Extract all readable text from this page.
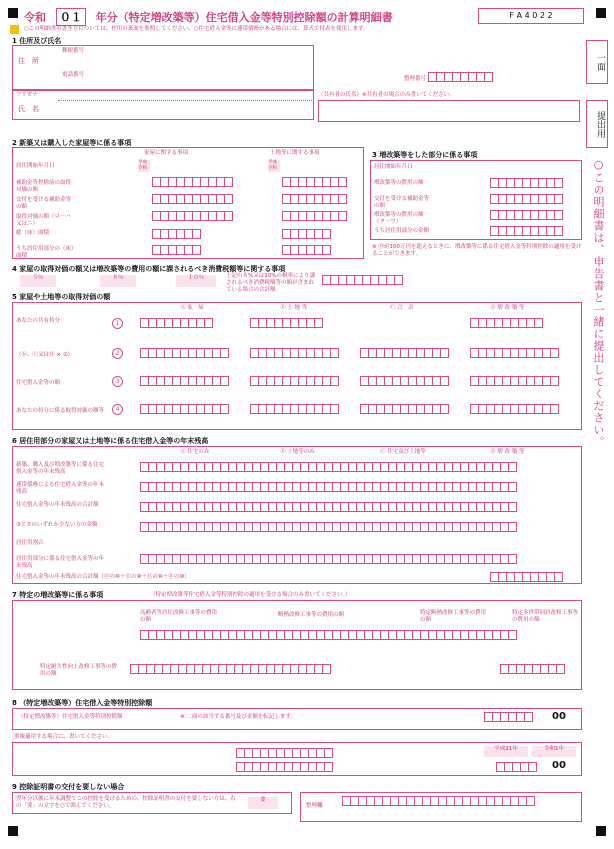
令和 ０１ 年分（特定増改築等）住宅借入金等特別控除額の計算明細書	F A 4 0 2 2
○この明細書の書き方については、控用の裏面を参照してください。○住宅借入金等に連帯債務がある場合には、算式で付表を使用します。
一面
提出用
○この明細書は、申告書と一緒に提出してください。
1 住所及び氏名
住　所
郵便番号
電話番号
フリガナ
氏　名
整理番号
（共有者の氏名）※共有者の場合のみ書いてください。
2 新築又は購入した家屋等に係る事項
家屋に関する事項	土地等に関する事項
居住開始年月日
補助金等控除前の取得対価の額
交付を受ける補助金等の額
取得対価の額（ロ－ハ又はニ）
総（床）面積
うち居住用部分の（床）面積
平成令和
平成令和
3 増改築等をした部分に係る事項
居住開始年月日
増改築等の費用の額
交付を受ける補助金等の額
増改築等の費用の額（ヲ－ワ）
うち居住用部分の金額
※ ⑬が100万円を超えるときに、増改築等に係る住宅借入金等特別控除の適用を受けることができます。
4 家屋の取得対価の額又は増改築等の費用の額に課されるべき消費税額等に関する事項
５％	８％	１０％	上記の８%又は10%の税率により課されるべき消費税額等の額が含まれている場合の合計額
5 家屋や土地等の取得対価の額
Ⓐ 家　屋	Ⓑ 土 地 等	Ⓒ 合　計	Ⓓ 増 改 築 等
あなたの共有持分
（ⓑ、ⓒ又は⑭ × ①）
住宅借入金等の額
あなたの持分に係る取得対価の額等
1
2
3
4
6 居住用部分の家屋又は土地等に係る住宅借入金等の年末残高
Ⓐ 住宅のみ	Ⓑ 土地等のみ	Ⓒ 住宅及び土地等	Ⓓ 増 改 築 等
新築、購入及び増改築等に係る住宅借入金等の年末残高
連帯債務による住宅借入金等の年末残高
住宅借入金等の年末残高の合計額
③と⑦のいずれか少ない方の金額
居住用割合
居住用部分に係る住宅借入金等の年末残高
住宅借入金等の年末残高の合計額（⑪の⑩＋⑪の⑩＋⑪の⑩＋⑪の⑩）
7 特定の増改築等に係る事項	（特定増改築等住宅借入金等特別控除の適用を受ける場合のみ書いてください。）
高齢者等居住改修工事等の費用の額
断熱改修工事等の費用の額	特定断熱改修工事等の費用の額
特定多世帯同居改修工事等の費用の額
特定耐久性向上改修工事等の費用の額
8 （特定増改築等）住宅借入金等特別控除額
（特定増改築等）住宅借入金等特別控除額	※ 二面の該当する番号及び金額を転記します。	00
重複適用する場合に、書いてください。
平成21年	令和1年
00
9 控除証明書の交付を要しない場合
翌年分以後に年末調整でこの控除を受けるための、控除証明書の交付を要しない方は、右の「要」の文字を○で囲んでください。
要
整理欄
